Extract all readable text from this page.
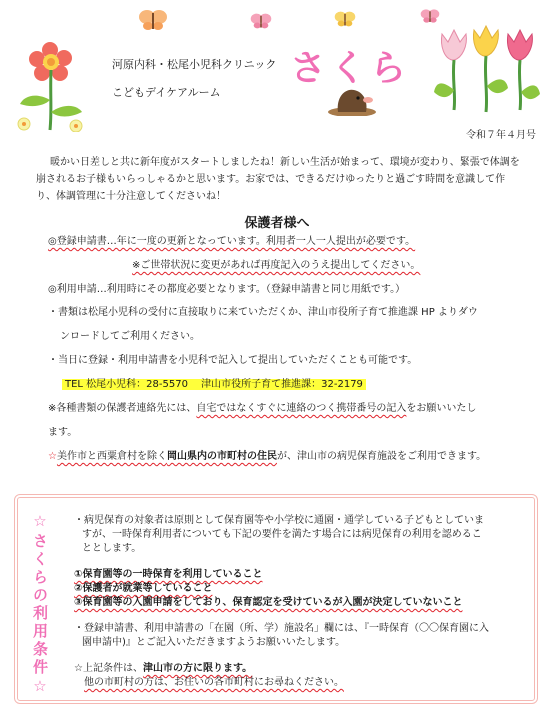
河原内科・松尾小児科クリニック
こどもデイケアルーム
さくら
令和７年４月号
暖かい日差しと共に新年度がスタートしましたね！新しい生活が始まって、環境が変わり、緊張で体調を崩されるお子様もいらっしゃるかと思います。お家では、できるだけゆったりと過ごす時間を意識して作り、体調管理に十分注意してくださいね！
保護者様へ
◎登録申請書…年に一度の更新となっています。利用者一人一人提出が必要です。
※ご世帯状況に変更があれば再度記入のうえ提出してください。
◎利用申請…利用時にその都度必要となります。（登録申請書と同じ用紙です。）
・書類は松尾小児科の受付に直接取りに来ていただくか、津山市役所子育て推進課 HP よりダウ
ンロードしてご利用ください。
・当日に登録・利用申請書を小児科で記入して提出していただくことも可能です。
TEL 松尾小児科：28-5570　 津山市役所子育て推進課：32-2179
※各種書類の保護者連絡先には、自宅ではなくすぐに連絡のつく携帯番号の記入をお願いいたし
ます。
☆美作市と西粟倉村を除く岡山県内の市町村の住民が、津山市の病児保育施設をご利用できます。
☆さくらの利用条件☆	・病児保育の対象者は原則として保育園等や小学校に通園・通学している子どもとしていま
すが、一時保育利用者についても下記の要件を満たす場合には病児保育の利用を認めるこ
ととします。
①保育園等の一時保育を利用していること
②保護者が就業等していること
③保育園等の入園申請をしており、保育認定を受けているが入園が決定していないこと
・登録申請書、利用申請書の「在園（所、学）施設名」欄には、『一時保育（〇〇保育園に入
園申請中)』とご記入いただきますようお願いいたします。
☆上記条件は、津山市の方に限ります。
他の市町村の方は、お住いの各市町村にお尋ねください。
